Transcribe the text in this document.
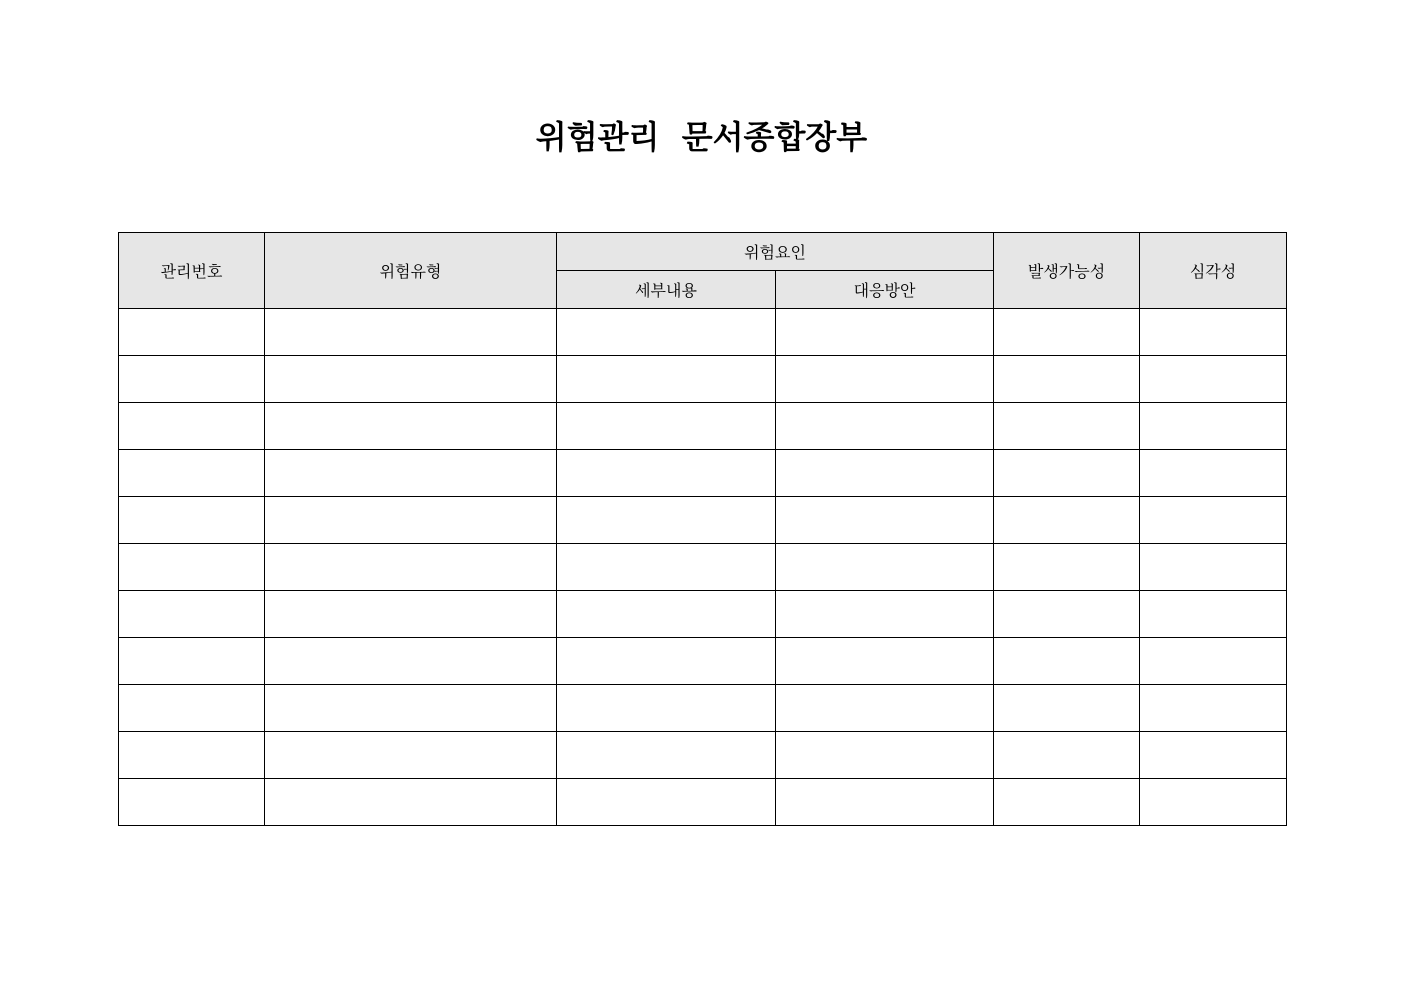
위험관리  문서종합장부
관리번호	위험유형	위험요인		발생가능성	심각성
		세부내용	대응방안		
